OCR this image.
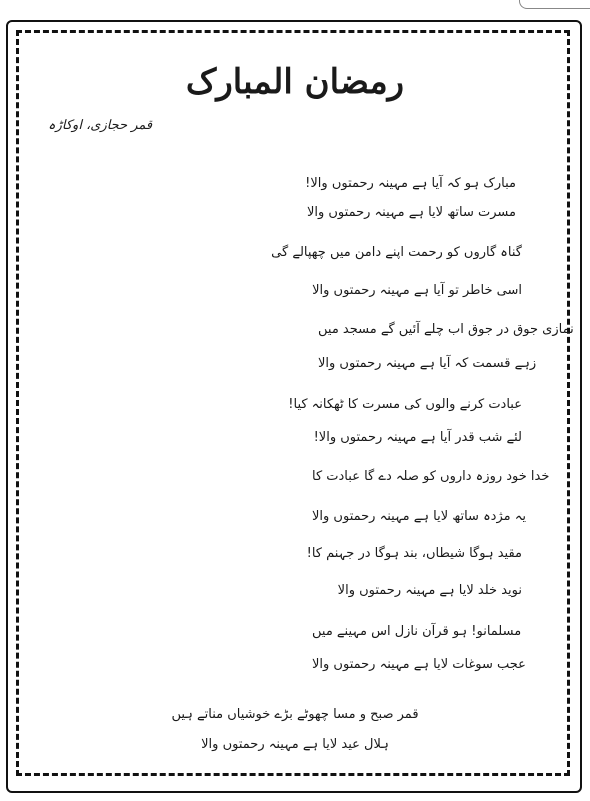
رمضان المبارک
قمر حجازی، اوکاڑہ
مبارک ہو کہ آیا ہے مہینہ رحمتوں والا!
مسرت ساتھ لایا ہے مہینہ رحمتوں والا
گناہ گاروں کو رحمت اپنے دامن میں چھپالے گی
اسی خاطر تو آیا ہے مہینہ رحمتوں والا
نمازی جوق در جوق اب چلے آئیں گے مسجد میں
زہے قسمت کہ آیا ہے مہینہ رحمتوں والا
عبادت کرنے والوں کی مسرت کا ٹھکانہ کیا!
لئے شب قدر آیا ہے مہینہ رحمتوں والا!
خدا خود روزہ داروں کو صلہ دے گا عبادت کا
یہ مژدہ ساتھ لایا ہے مہینہ رحمتوں والا
مقید ہوگا شیطاں، بند ہوگا در جہنم کا!
نوید خلد لایا ہے مہینہ رحمتوں والا
مسلمانو! ہو قرآن نازل اس مہینے میں
عجب سوغات لایا ہے مہینہ رحمتوں والا
قمر صبح و مسا چھوٹے بڑے خوشیاں مناتے ہیں
ہلال عید لایا ہے مہینہ رحمتوں والا
